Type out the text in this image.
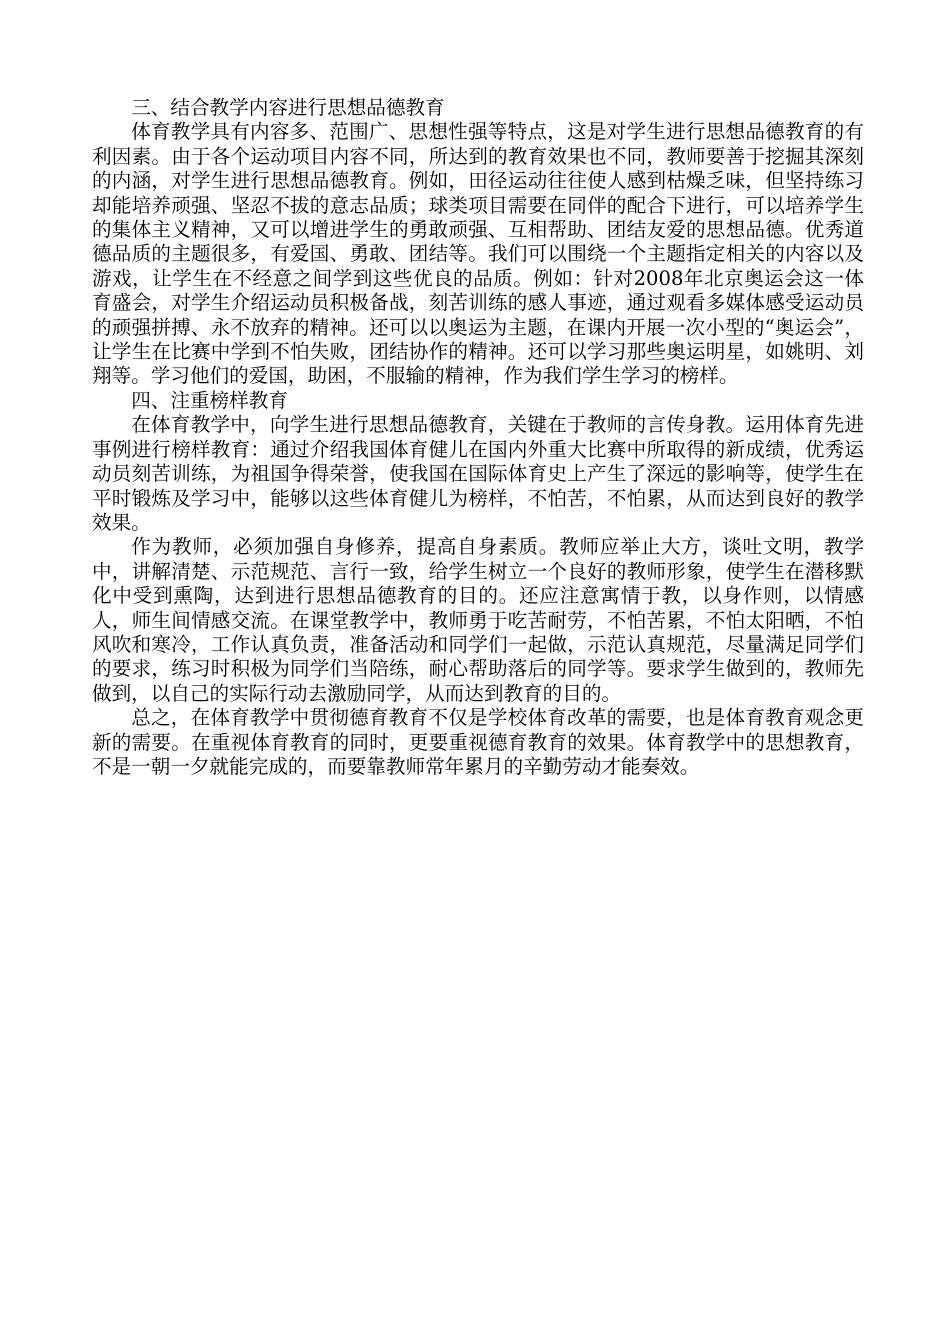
三、结合教学内容进行思想品德教育

体育教学具有内容多、范围广、思想性强等特点，这是对学生进行思想品德教育的有利因素。由于各个运动项目内容不同，所达到的教育效果也不同，教师要善于挖掘其深刻的内涵，对学生进行思想品德教育。例如，田径运动往往使人感到枯燥乏味，但坚持练习却能培养顽强、坚忍不拔的意志品质；球类项目需要在同伴的配合下进行，可以培养学生的集体主义精神，又可以增进学生的勇敢顽强、互相帮助、团结友爱的思想品德。优秀道德品质的主题很多，有爱国、勇敢、团结等。我们可以围绕一个主题指定相关的内容以及游戏，让学生在不经意之间学到这些优良的品质。例如：针对2008年北京奥运会这一体育盛会，对学生介绍运动员积极备战，刻苦训练的感人事迹，通过观看多媒体感受运动员的顽强拼搏、永不放弃的精神。还可以以奥运为主题，在课内开展一次小型的“奥运会”，让学生在比赛中学到不怕失败，团结协作的精神。还可以学习那些奥运明星，如姚明、刘翔等。学习他们的爱国，助困，不服输的精神，作为我们学生学习的榜样。

四、注重榜样教育

在体育教学中，向学生进行思想品德教育，关键在于教师的言传身教。运用体育先进事例进行榜样教育：通过介绍我国体育健儿在国内外重大比赛中所取得的新成绩，优秀运动员刻苦训练，为祖国争得荣誉，使我国在国际体育史上产生了深远的影响等，使学生在平时锻炼及学习中，能够以这些体育健儿为榜样，不怕苦，不怕累，从而达到良好的教学效果。

作为教师，必须加强自身修养，提高自身素质。教师应举止大方，谈吐文明，教学中，讲解清楚、示范规范、言行一致，给学生树立一个良好的教师形象，使学生在潜移默化中受到熏陶，达到进行思想品德教育的目的。还应注意寓情于教，以身作则，以情感人，师生间情感交流。在课堂教学中，教师勇于吃苦耐劳，不怕苦累，不怕太阳晒，不怕风吹和寒冷，工作认真负责，准备活动和同学们一起做，示范认真规范，尽量满足同学们的要求，练习时积极为同学们当陪练，耐心帮助落后的同学等。要求学生做到的，教师先做到，以自己的实际行动去激励同学，从而达到教育的目的。

总之，在体育教学中贯彻德育教育不仅是学校体育改革的需要，也是体育教育观念更新的需要。在重视体育教育的同时，更要重视德育教育的效果。体育教学中的思想教育，不是一朝一夕就能完成的，而要靠教师常年累月的辛勤劳动才能奏效。
